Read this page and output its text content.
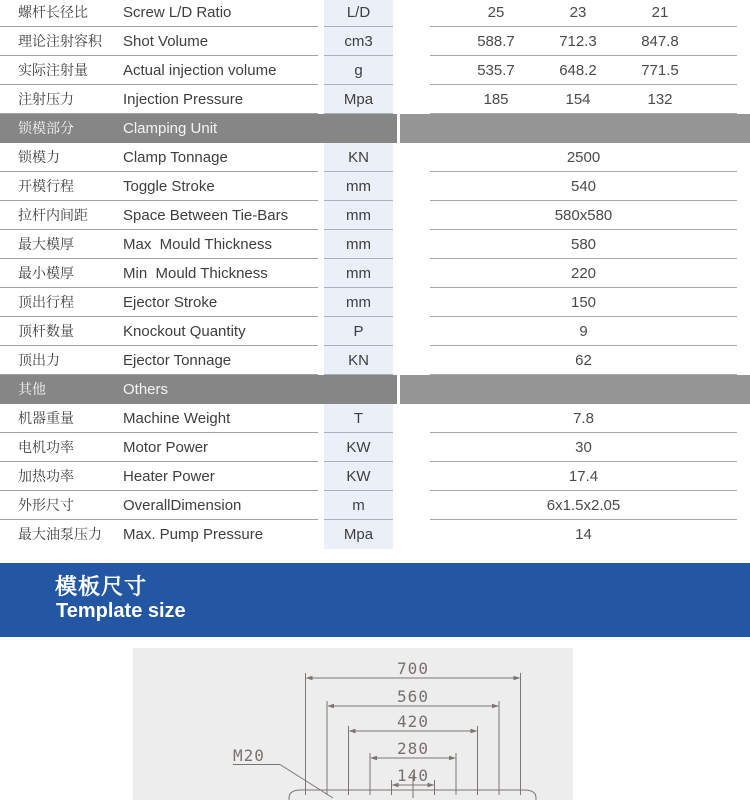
螺杆长径比 Screw L/D Ratio	L/D	25	23	21
理论注射容积 Shot Volume	cm3	588.7	712.3	847.8
实际注射量 Actual injection volume	g	535.7	648.2	771.5
注射压力	Injection Pressure	Mpa	185	154	132
锁模部分	Clamping Unit
锁模力	Clamp Tonnage	KN	2500
开模行程	Toggle Stroke	mm	540
拉杆内间距 Space Between Tie-Bars	mm	580x580
最大模厚	Max  Mould Thickness	mm	580
最小模厚	Min  Mould Thickness	mm	220
顶出行程	Ejector Stroke	mm	150
顶杆数量	Knockout Quantity	P	9
顶出力	Ejector Tonnage	KN	62
其他	Others
机器重量	Machine Weight	T	7.8
电机功率	Motor Power	KW	30
加热功率	Heater Power	KW	17.4
外形尺寸	OverallDimension	m	6x1.5x2.05
最大油泵压力 Max. Pump Pressure	Mpa	14
模板尺寸
Template size
700
560
420
280
140
M20
